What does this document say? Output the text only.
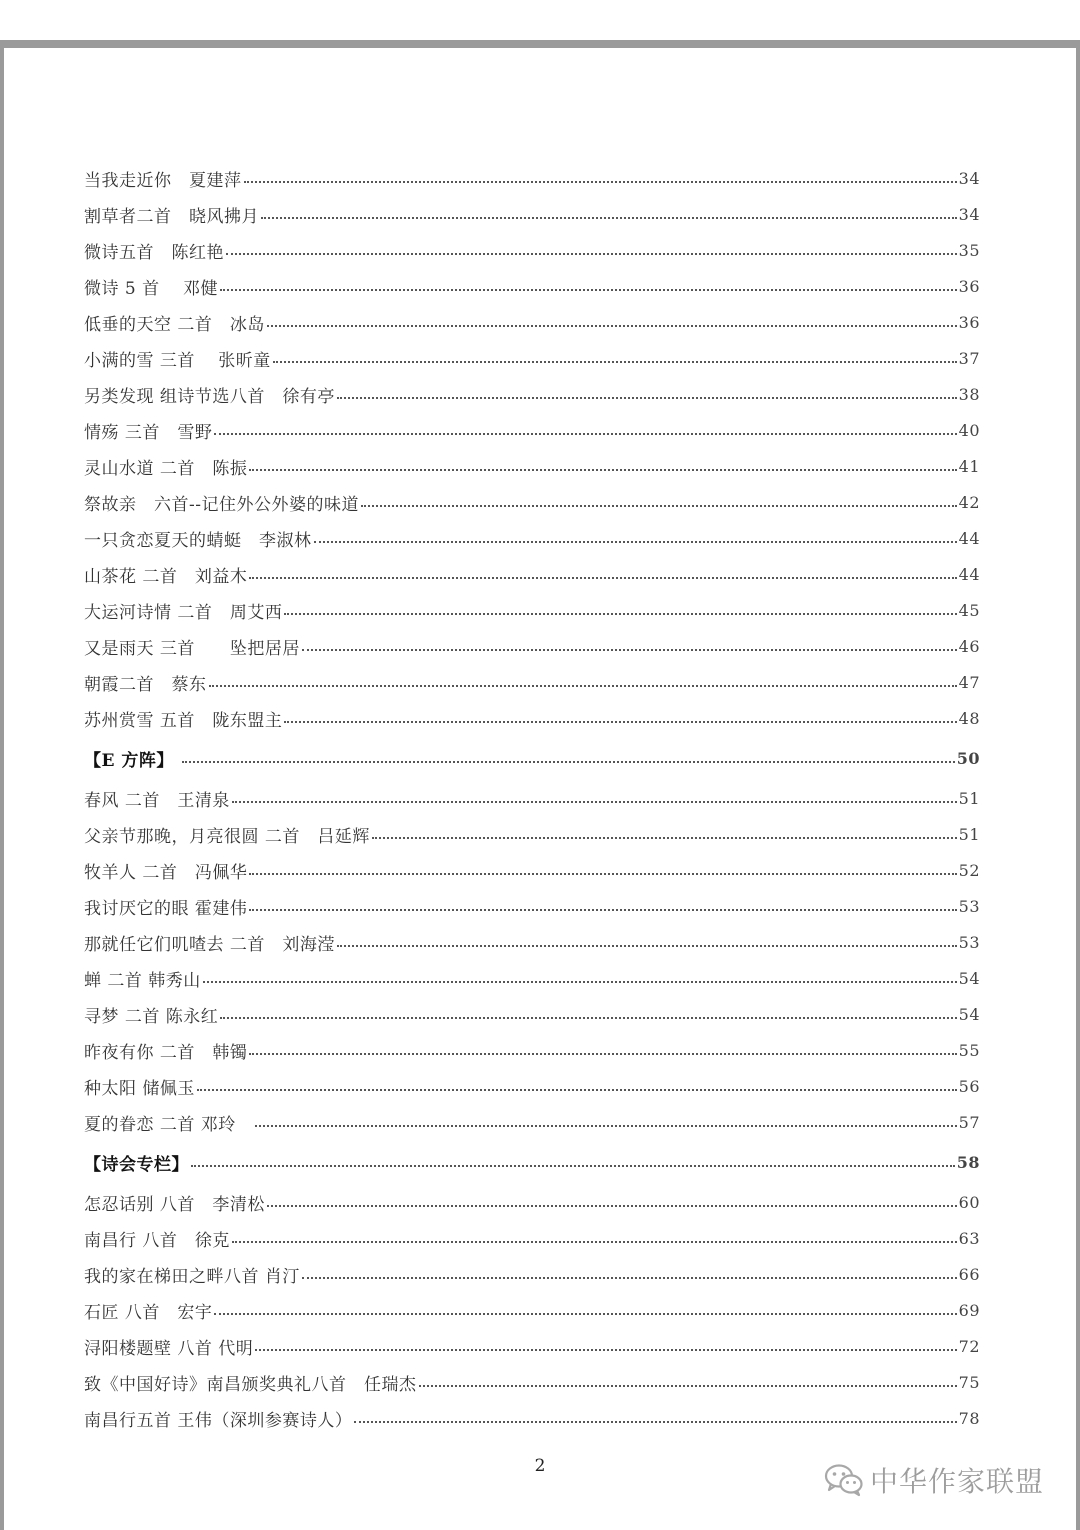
当我走近你　夏建萍	34
割草者二首　晓风拂月	34
微诗五首　陈红艳	35
微诗 5 首　 邓健	36
低垂的天空 二首　冰岛	36
小满的雪 三首　 张昕童	37
另类发现 组诗节选八首　徐有亭	38
情殇 三首　雪野	40
灵山水道 二首　陈振	41
祭故亲　六首--记住外公外婆的味道	42
一只贪恋夏天的蜻蜓　李淑林	44
山茶花 二首　刘益木	44
大运河诗情 二首　周艾西	45
又是雨天 三首　　坠把居居	46
朝霞二首　蔡东	47
苏州赏雪 五首　陇东盟主	48
【E 方阵】	50
春风 二首　王清泉	51
父亲节那晚，月亮很圆 二首　吕延辉	51
牧羊人 二首　冯佩华	52
我讨厌它的眼 霍建伟	53
那就任它们叽喳去 二首　刘海滢	53
蝉 二首 韩秀山	54
寻梦 二首 陈永红	54
昨夜有你 二首　韩镯	55
种太阳 储佩玉	56
夏的眷恋 二首 邓玲　	57
【诗会专栏】	58
怎忍话别 八首　李清松	60
南昌行 八首　徐克	63
我的家在梯田之畔八首 肖汀	66
石匠 八首　宏宇	69
浔阳楼题壁 八首 代明	72
致《中国好诗》南昌颁奖典礼八首　任瑞杰	75
南昌行五首 王伟（深圳参赛诗人）	78
2	中华作家联盟
